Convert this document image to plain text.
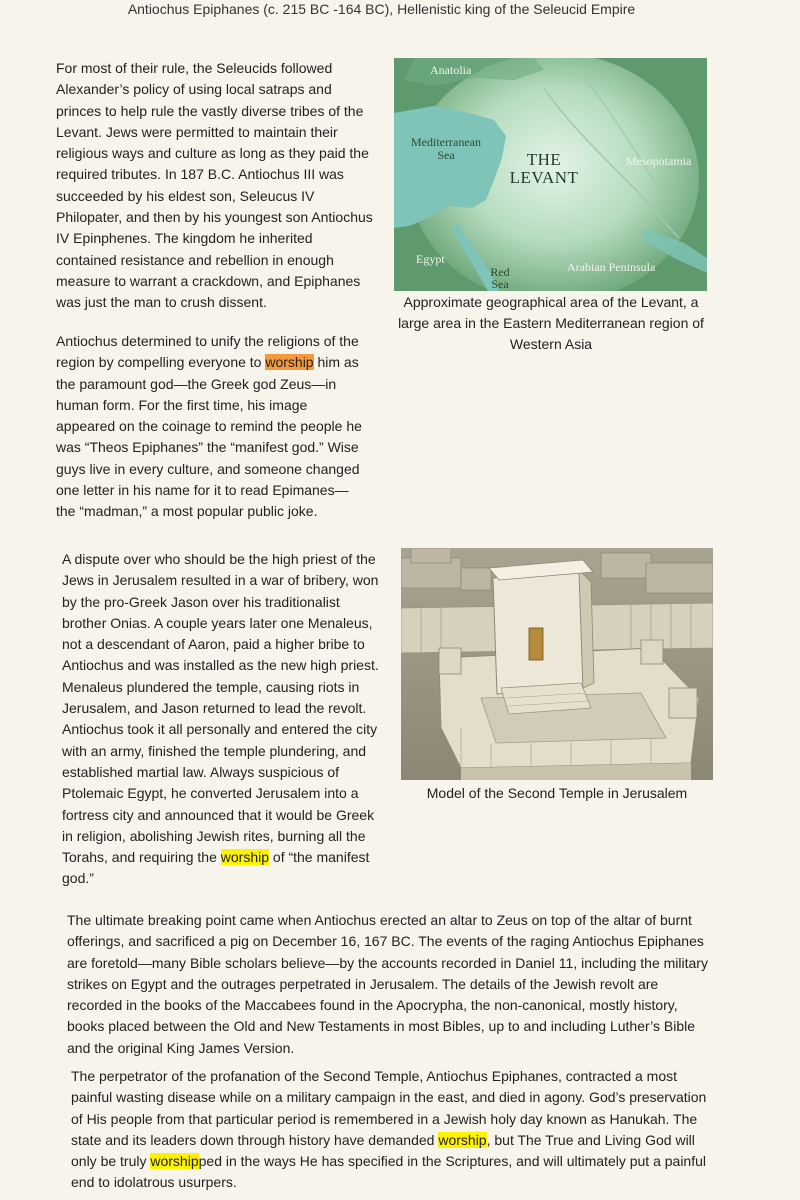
Antiochus Epiphanes (c. 215 BC -164 BC), Hellenistic king of the Seleucid Empire

For most of their rule, the Seleucids followed Alexander’s policy of using local satraps and princes to help rule the vastly diverse tribes of the Levant. Jews were permitted to maintain their religious ways and culture as long as they paid the required tributes. In 187 B.C. Antiochus III was succeeded by his eldest son, Seleucus IV Philopater, and then by his youngest son Antiochus IV Epinphenes. The kingdom he inherited contained resistance and rebellion in enough measure to warrant a crackdown, and Epiphanes was just the man to crush dissent.

Antiochus determined to unify the religions of the region by compelling everyone to worship him as the paramount god—the Greek god Zeus—in human form. For the first time, his image appeared on the coinage to remind the people he was “Theos Epiphanes” the “manifest god.” Wise guys live in every culture, and someone changed one letter in his name for it to read Epimanes—the “madman,” a most popular public joke.

A dispute over who should be the high priest of the Jews in Jerusalem resulted in a war of bribery, won by the pro-Greek Jason over his traditionalist brother Onias. A couple years later one Menaleus, not a descendant of Aaron, paid a higher bribe to Antiochus and was installed as the new high priest. Menaleus plundered the temple, causing riots in Jerusalem, and Jason returned to lead the revolt. Antiochus took it all personally and entered the city with an army, finished the temple plundering, and established martial law. Always suspicious of Ptolemaic Egypt, he converted Jerusalem into a fortress city and announced that it would be Greek in religion, abolishing Jewish rites, burning all the Torahs, and requiring the worship of “the manifest god.”

The ultimate breaking point came when Antiochus erected an altar to Zeus on top of the altar of burnt offerings, and sacrificed a pig on December 16, 167 BC. The events of the raging Antiochus Epiphanes are foretold—many Bible scholars believe—by the accounts recorded in Daniel 11, including the military strikes on Egypt and the outrages perpetrated in Jerusalem. The details of the Jewish revolt are recorded in the books of the Maccabees found in the Apocrypha, the non-canonical, mostly history, books placed between the Old and New Testaments in most Bibles, up to and including Luther’s Bible and the original King James Version.

The perpetrator of the profanation of the Second Temple, Antiochus Epiphanes, contracted a most painful wasting disease while on a military campaign in the east, and died in agony. God’s preservation of His people from that particular period is remembered in a Jewish holy day known as Hanukah. The state and its leaders down through history have demanded worship, but The True and Living God will only be truly worshipped in the ways He has specified in the Scriptures, and will ultimately put a painful end to idolatrous usurpers.

Anatolia
Mediterranean
Sea	Mesopotamia
Egypt
Red
Sea
Arabian Peninsula
THE
LEVANT
Approximate geographical area of the Levant, a large area in the Eastern Mediterranean region of Western Asia
Model of the Second Temple in Jerusalem
